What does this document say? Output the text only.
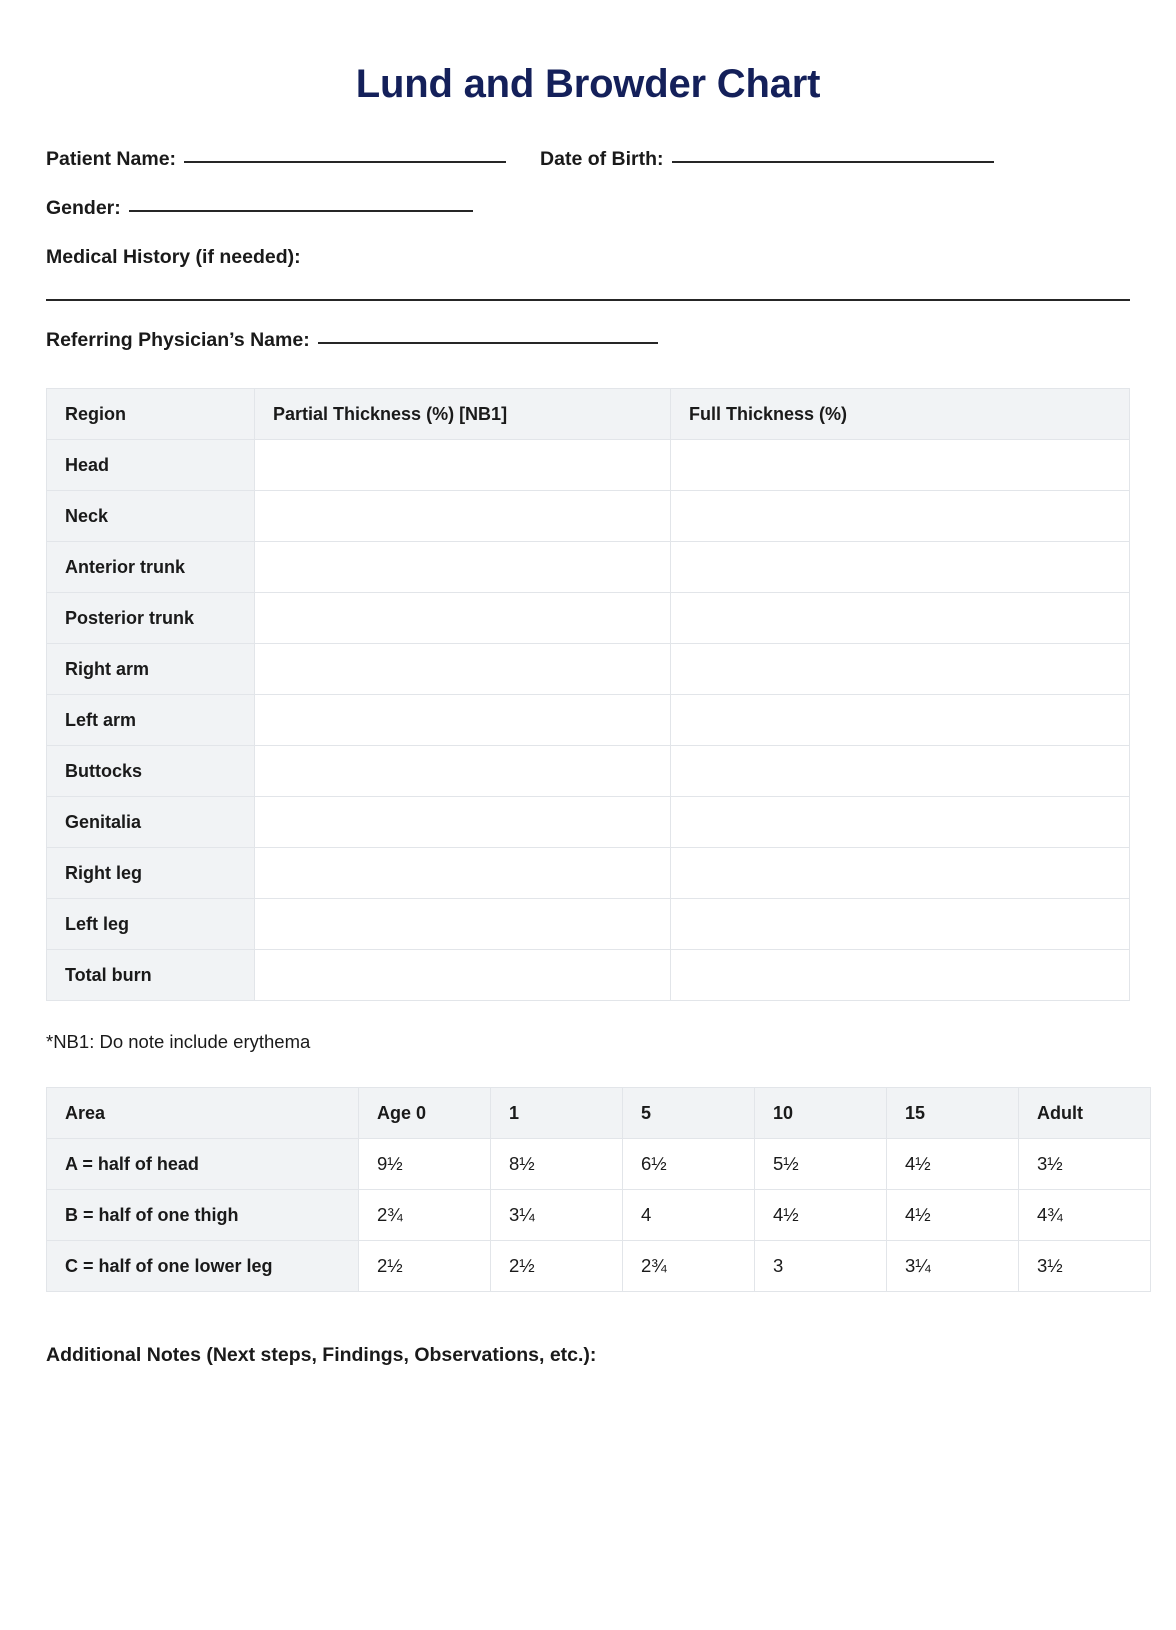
Lund and Browder Chart
Patient Name:	Date of Birth:
Gender:
Medical History (if needed):
Referring Physician’s Name:
Region	Partial Thickness (%) [NB1]	Full Thickness (%)
Head		
Neck		
Anterior trunk		
Posterior trunk		
Right arm		
Left arm		
Buttocks		
Genitalia		
Right leg		
Left leg		
Total burn		
*NB1: Do note include erythema
Area	Age 0	1	5	10	15	Adult
A = half of head	9½	8½	6½	5½	4½	3½
B = half of one thigh	2¾	3¼	4	4½	4½	4¾
C = half of one lower leg	2½	2½	2¾	3	3¼	3½
Additional Notes (Next steps, Findings, Observations, etc.):
